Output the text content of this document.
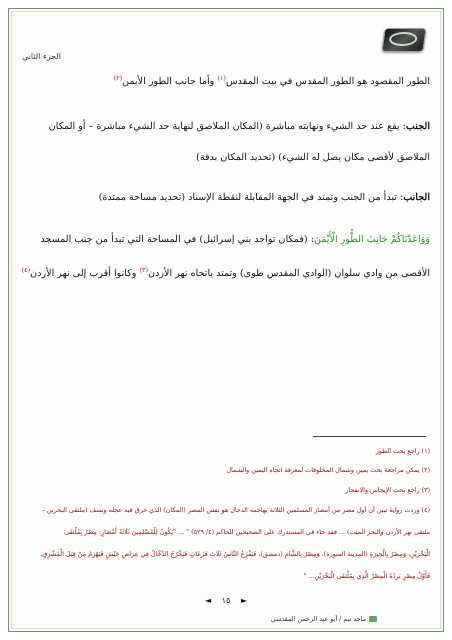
الجزء الثاني
الطور المقصود هو الطور المقدس في بيت المقدس$^{(١)}$ وأما جانب الطور الأيمن$^{(٢)}$
الجنب: يقع عند حد الشيء ونهايته مباشرة (المكان الملاصق لنهاية حد الشيء مباشرة – أو المكان
الملاصق لأقصى مكان يصل له الشيء) (تحديد المكان بدقة)
الجانب: تبدأ من الجنب وتمتد في الجهة المقابلة لنقطة الإسناد (تحديد مساحة ممتدة)
وَوَاعَدْنَاكُمْ جَانِبَ الطُّورِ الْأَيْمَنَ: (فمكان تواجد بني إسرائيل) في المساحة التي تبدأ من جنب المسجد
الأقصى من وادي سلوان (الوادي المقدس طوى) وتمتد باتجاه نهر الأردن$^{(٣)}$ وكانوا أقرب إلى نهر الأردن$^{(٤)}$
(١) راجع بحث الطور
(٢) يمكن مراجعة بحث يمين وشمال المخلوقات لمعرفة اتجاه اليمين والشمال
(٣) راجع بحث الإيجاس والانفجار
(٤) وردت رواية تبين أن أول مصر من أمصار المسلمين الثلاثة يهاجمه الدجال هو نفس المصر (المكان) الذي خرق فيه عجله ونسف (ملتقى البحرين –
ملتقى نهر الأردن والبحر الميت) ... فقد جاء في المستدرك على الصحيحين للحاكم (٤/ ٥٢٩) " ... "يَكُونُ لِلْمُسْلِمِينَ ثَلَاثَةُ أَمْصَارٍ: مِصْرٌ بِمُلْتَقَى
الْبَحْرَيْنِ، وَمِصْرٌ بِالْحِيرَةِ (المدينة المنورة)، وَمِصْرٌ بِالشَّامِ (دمشق)، فَيَفْزَعُ النَّاسُ ثَلَاثَ فَزَعَاتٍ فَيَخْرُجُ الدَّجَّالُ فِي عِرَاضِ جَيْشٍ فَيَهْزِمُ مَنْ قِبَلَ الْمَشْرِقِ،
فَأَوَّلُ مِصْرٍ يَرِدُهُ الْمِصْرُ الَّذِي بِمُلْتَقَى الْبَحْرَيْنِ... "
◄ ١٥ ►
ماجد تيم / أبو عبد الرحمن المقدسي
